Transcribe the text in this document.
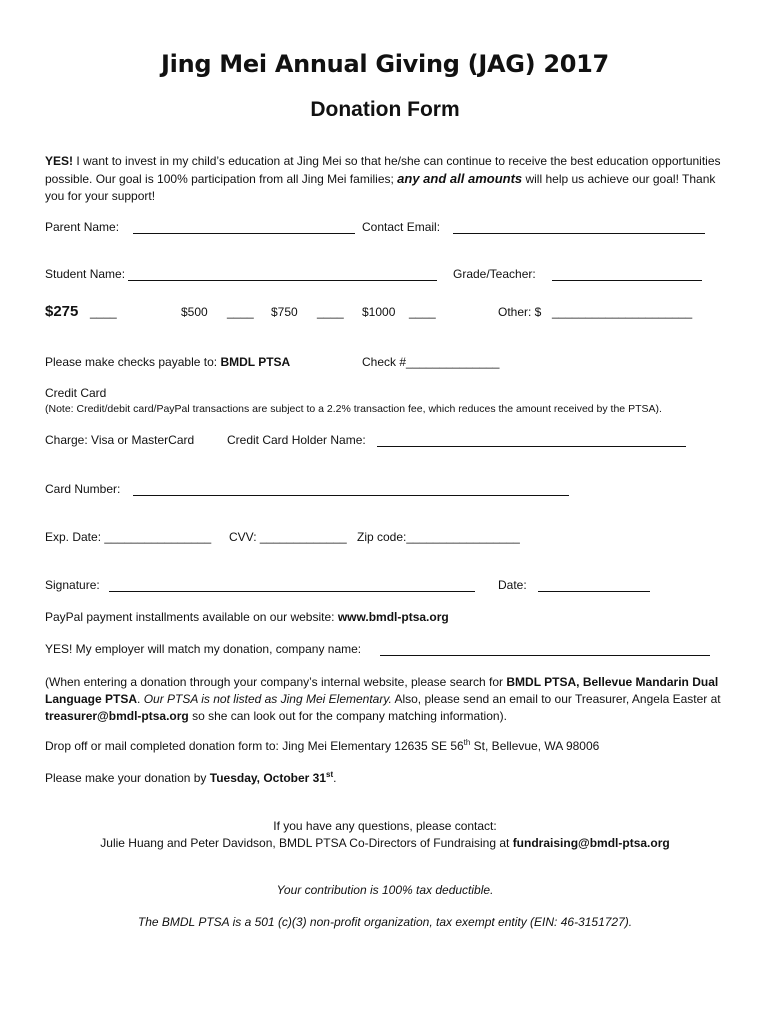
Jing Mei Annual Giving (JAG) 2017
Donation Form
YES! I want to invest in my child’s education at Jing Mei so that he/she can continue to receive the best education opportunities possible. Our goal is 100% participation from all Jing Mei families; any and all amounts will help us achieve our goal! Thank you for your support!
Parent Name:	Contact Email:
Student Name:	Grade/Teacher:
$275 ____	$500 ____ $750 ____ $1000 ____	Other: $ _____________________
Please make checks payable to: BMDL PTSA	Check #______________
Credit Card
(Note: Credit/debit card/PayPal transactions are subject to a 2.2% transaction fee, which reduces the amount received by the PTSA).
Charge: Visa or MasterCard	Credit Card Holder Name:
Card Number:
Exp. Date: ________________ CVV: _____________ Zip code:_________________
Signature:	Date:
PayPal payment installments available on our website: www.bmdl-ptsa.org
YES! My employer will match my donation, company name:
(When entering a donation through your company’s internal website, please search for BMDL PTSA, Bellevue Mandarin Dual Language PTSA. Our PTSA is not listed as Jing Mei Elementary. Also, please send an email to our Treasurer, Angela Easter at treasurer@bmdl-ptsa.org so she can look out for the company matching information).
Drop off or mail completed donation form to: Jing Mei Elementary 12635 SE 56th St, Bellevue, WA 98006
Please make your donation by Tuesday, October 31st.
If you have any questions, please contact:
Julie Huang and Peter Davidson, BMDL PTSA Co-Directors of Fundraising at fundraising@bmdl-ptsa.org
Your contribution is 100% tax deductible.
The BMDL PTSA is a 501 (c)(3) non-profit organization, tax exempt entity (EIN: 46-3151727).
